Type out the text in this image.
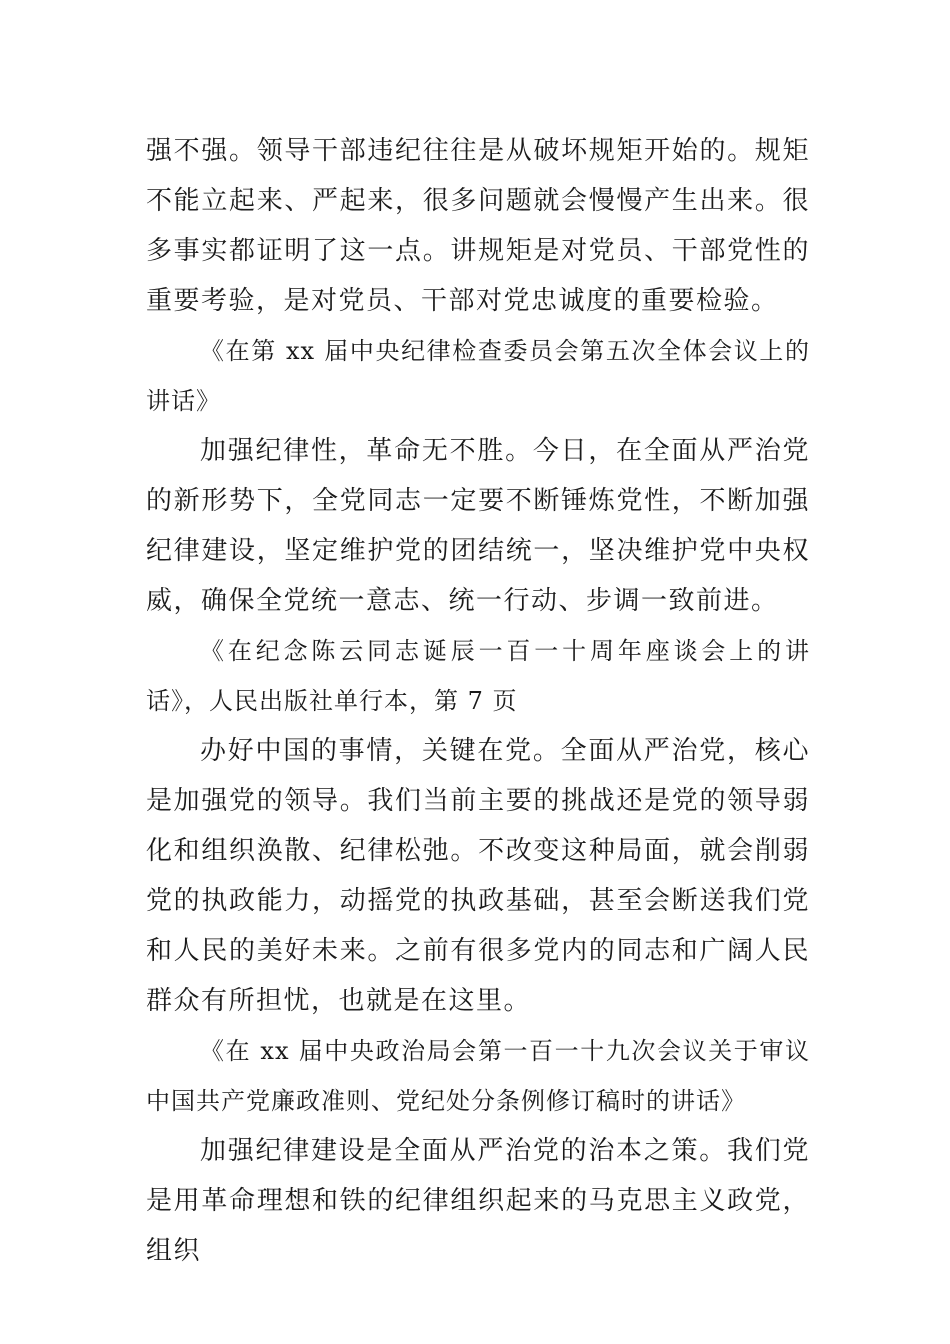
强不强。领导干部违纪往往是从破坏规矩开始的。规矩不能立起来、严起来，很多问题就会慢慢产生出来。很多事实都证明了这一点。讲规矩是对党员、干部党性的重要考验，是对党员、干部对党忠诚度的重要检验。

《在第 xx 届中央纪律检查委员会第五次全体会议上的讲话》

加强纪律性，革命无不胜。今日，在全面从严治党的新形势下，全党同志一定要不断锤炼党性，不断加强纪律建设，坚定维护党的团结统一，坚决维护党中央权威，确保全党统一意志、统一行动、步调一致前进。

《在纪念陈云同志诞辰一百一十周年座谈会上的讲话》，人民出版社单行本，第 7 页

办好中国的事情，关键在党。全面从严治党，核心是加强党的领导。我们当前主要的挑战还是党的领导弱化和组织涣散、纪律松弛。不改变这种局面，就会削弱党的执政能力，动摇党的执政基础，甚至会断送我们党和人民的美好未来。之前有很多党内的同志和广阔人民群众有所担忧，也就是在这里。

《在 xx 届中央政治局会第一百一十九次会议关于审议中国共产党廉政准则、党纪处分条例修订稿时的讲话》

加强纪律建设是全面从严治党的治本之策。我们党是用革命理想和铁的纪律组织起来的马克思主义政党，组织
